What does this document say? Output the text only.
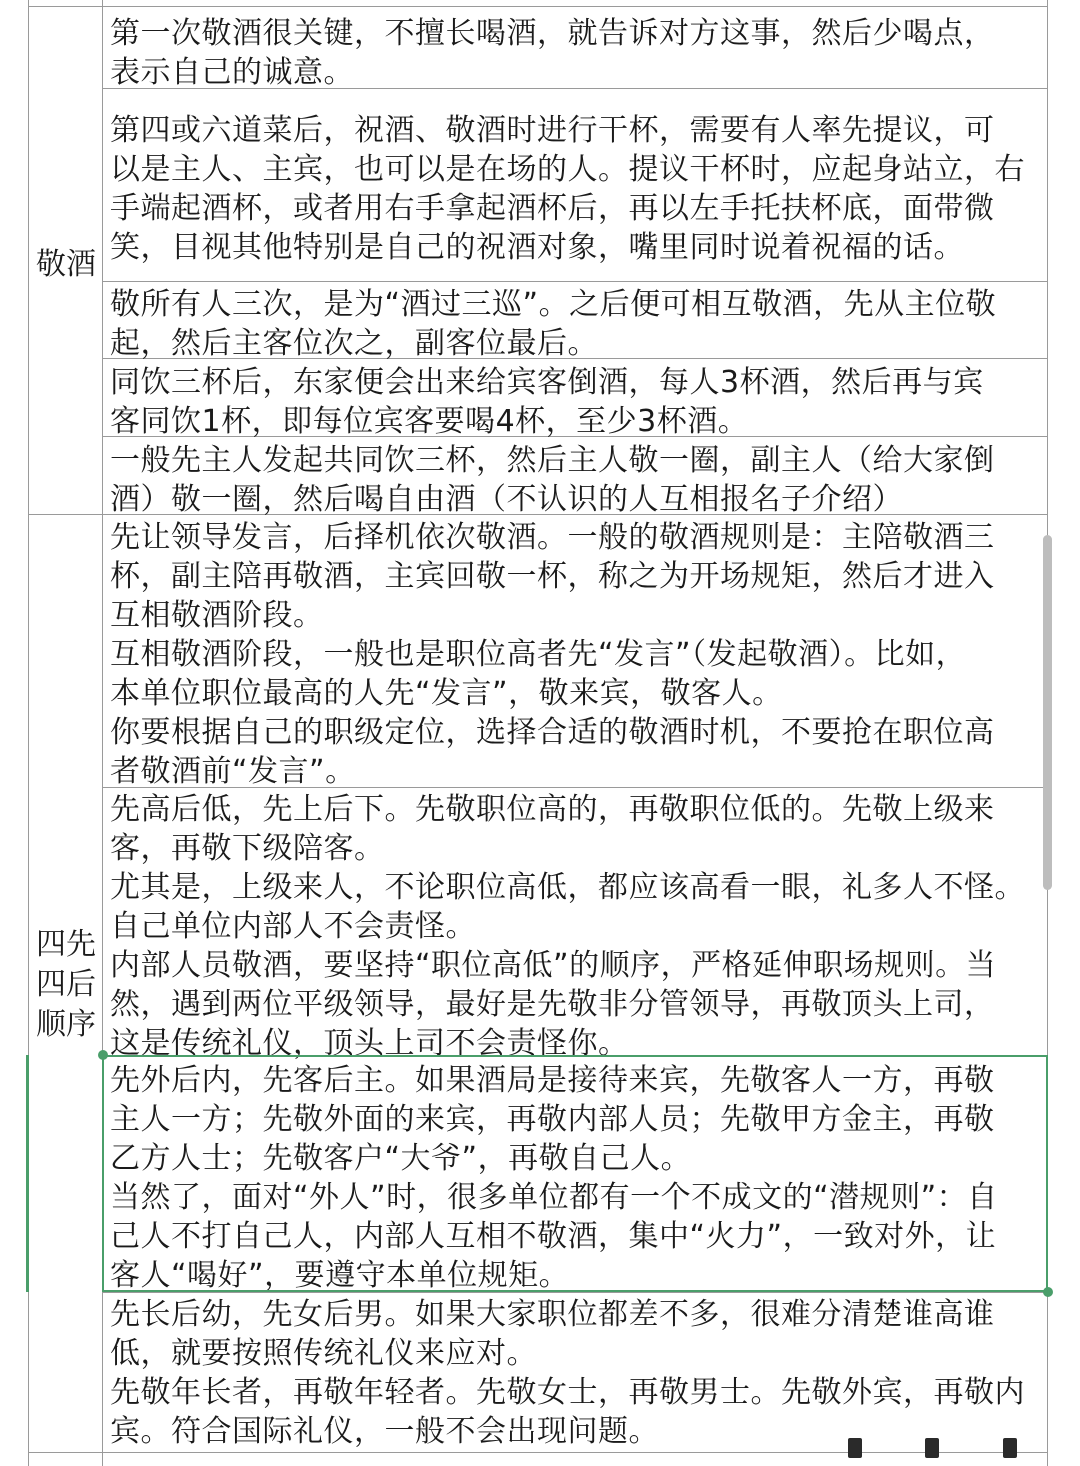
敬酒
四先
四后
顺序
第一次敬酒很关键，不擅长喝酒，就告诉对方这事，然后少喝点，
表示自己的诚意。
第四或六道菜后，祝酒、敬酒时进行干杯，需要有人率先提议，可
以是主人、主宾，也可以是在场的人。提议干杯时，应起身站立，右
手端起酒杯，或者用右手拿起酒杯后，再以左手托扶杯底，面带微
笑，目视其他特别是自己的祝酒对象，嘴里同时说着祝福的话。
敬所有人三次，是为“酒过三巡”。之后便可相互敬酒，先从主位敬
起，然后主客位次之，副客位最后。
同饮三杯后，东家便会出来给宾客倒酒，每人3杯酒，然后再与宾
客同饮1杯，即每位宾客要喝4杯，至少3杯酒。
一般先主人发起共同饮三杯，然后主人敬一圈，副主人（给大家倒
酒）敬一圈，然后喝自由酒（不认识的人互相报名子介绍）
先让领导发言，后择机依次敬酒。一般的敬酒规则是：主陪敬酒三
杯，副主陪再敬酒，主宾回敬一杯，称之为开场规矩，然后才进入
互相敬酒阶段。
互相敬酒阶段，一般也是职位高者先“发言”（发起敬酒）。比如，
本单位职位最高的人先“发言”，敬来宾，敬客人。
你要根据自己的职级定位，选择合适的敬酒时机，不要抢在职位高
者敬酒前“发言”。
先高后低，先上后下。先敬职位高的，再敬职位低的。先敬上级来
客，再敬下级陪客。
尤其是，上级来人，不论职位高低，都应该高看一眼，礼多人不怪。
自己单位内部人不会责怪。
内部人员敬酒，要坚持“职位高低”的顺序，严格延伸职场规则。当
然，遇到两位平级领导，最好是先敬非分管领导，再敬顶头上司，
这是传统礼仪，顶头上司不会责怪你。
先外后内，先客后主。如果酒局是接待来宾，先敬客人一方，再敬
主人一方；先敬外面的来宾，再敬内部人员；先敬甲方金主，再敬
乙方人士；先敬客户“大爷”，再敬自己人。
当然了，面对“外人”时，很多单位都有一个不成文的“潜规则”：自
己人不打自己人，内部人互相不敬酒，集中“火力”，一致对外，让
客人“喝好”，要遵守本单位规矩。
先长后幼，先女后男。如果大家职位都差不多，很难分清楚谁高谁
低，就要按照传统礼仪来应对。
先敬年长者，再敬年轻者。先敬女士，再敬男士。先敬外宾，再敬内
宾。符合国际礼仪，一般不会出现问题。
